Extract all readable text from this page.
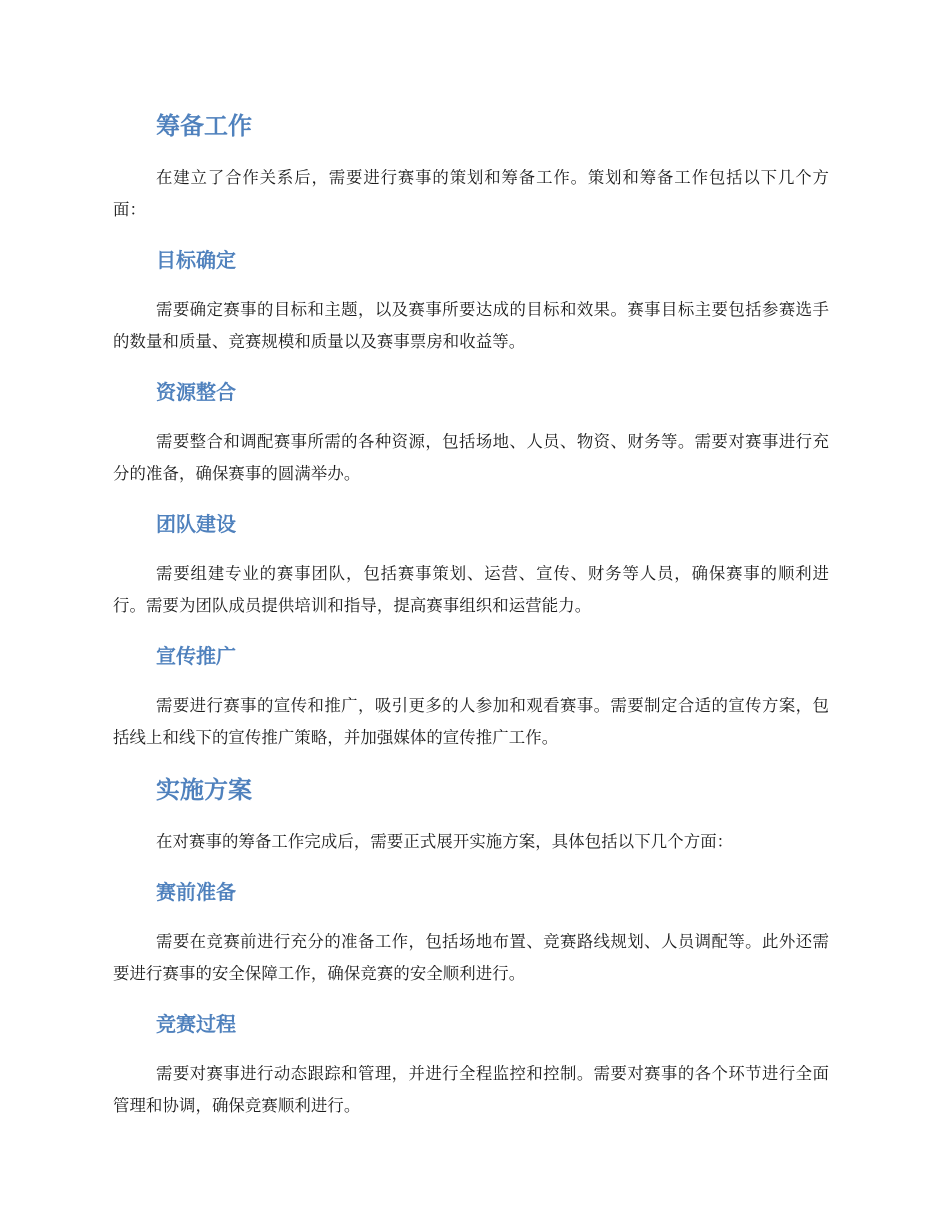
筹备工作

在建立了合作关系后，需要进行赛事的策划和筹备工作。策划和筹备工作包括以下几个方面：

目标确定

需要确定赛事的目标和主题，以及赛事所要达成的目标和效果。赛事目标主要包括参赛选手的数量和质量、竞赛规模和质量以及赛事票房和收益等。

资源整合

需要整合和调配赛事所需的各种资源，包括场地、人员、物资、财务等。需要对赛事进行充分的准备，确保赛事的圆满举办。

团队建设

需要组建专业的赛事团队，包括赛事策划、运营、宣传、财务等人员，确保赛事的顺利进行。需要为团队成员提供培训和指导，提高赛事组织和运营能力。

宣传推广

需要进行赛事的宣传和推广，吸引更多的人参加和观看赛事。需要制定合适的宣传方案，包括线上和线下的宣传推广策略，并加强媒体的宣传推广工作。

实施方案

在对赛事的筹备工作完成后，需要正式展开实施方案，具体包括以下几个方面：

赛前准备

需要在竞赛前进行充分的准备工作，包括场地布置、竞赛路线规划、人员调配等。此外还需要进行赛事的安全保障工作，确保竞赛的安全顺利进行。

竞赛过程

需要对赛事进行动态跟踪和管理，并进行全程监控和控制。需要对赛事的各个环节进行全面管理和协调，确保竞赛顺利进行。
